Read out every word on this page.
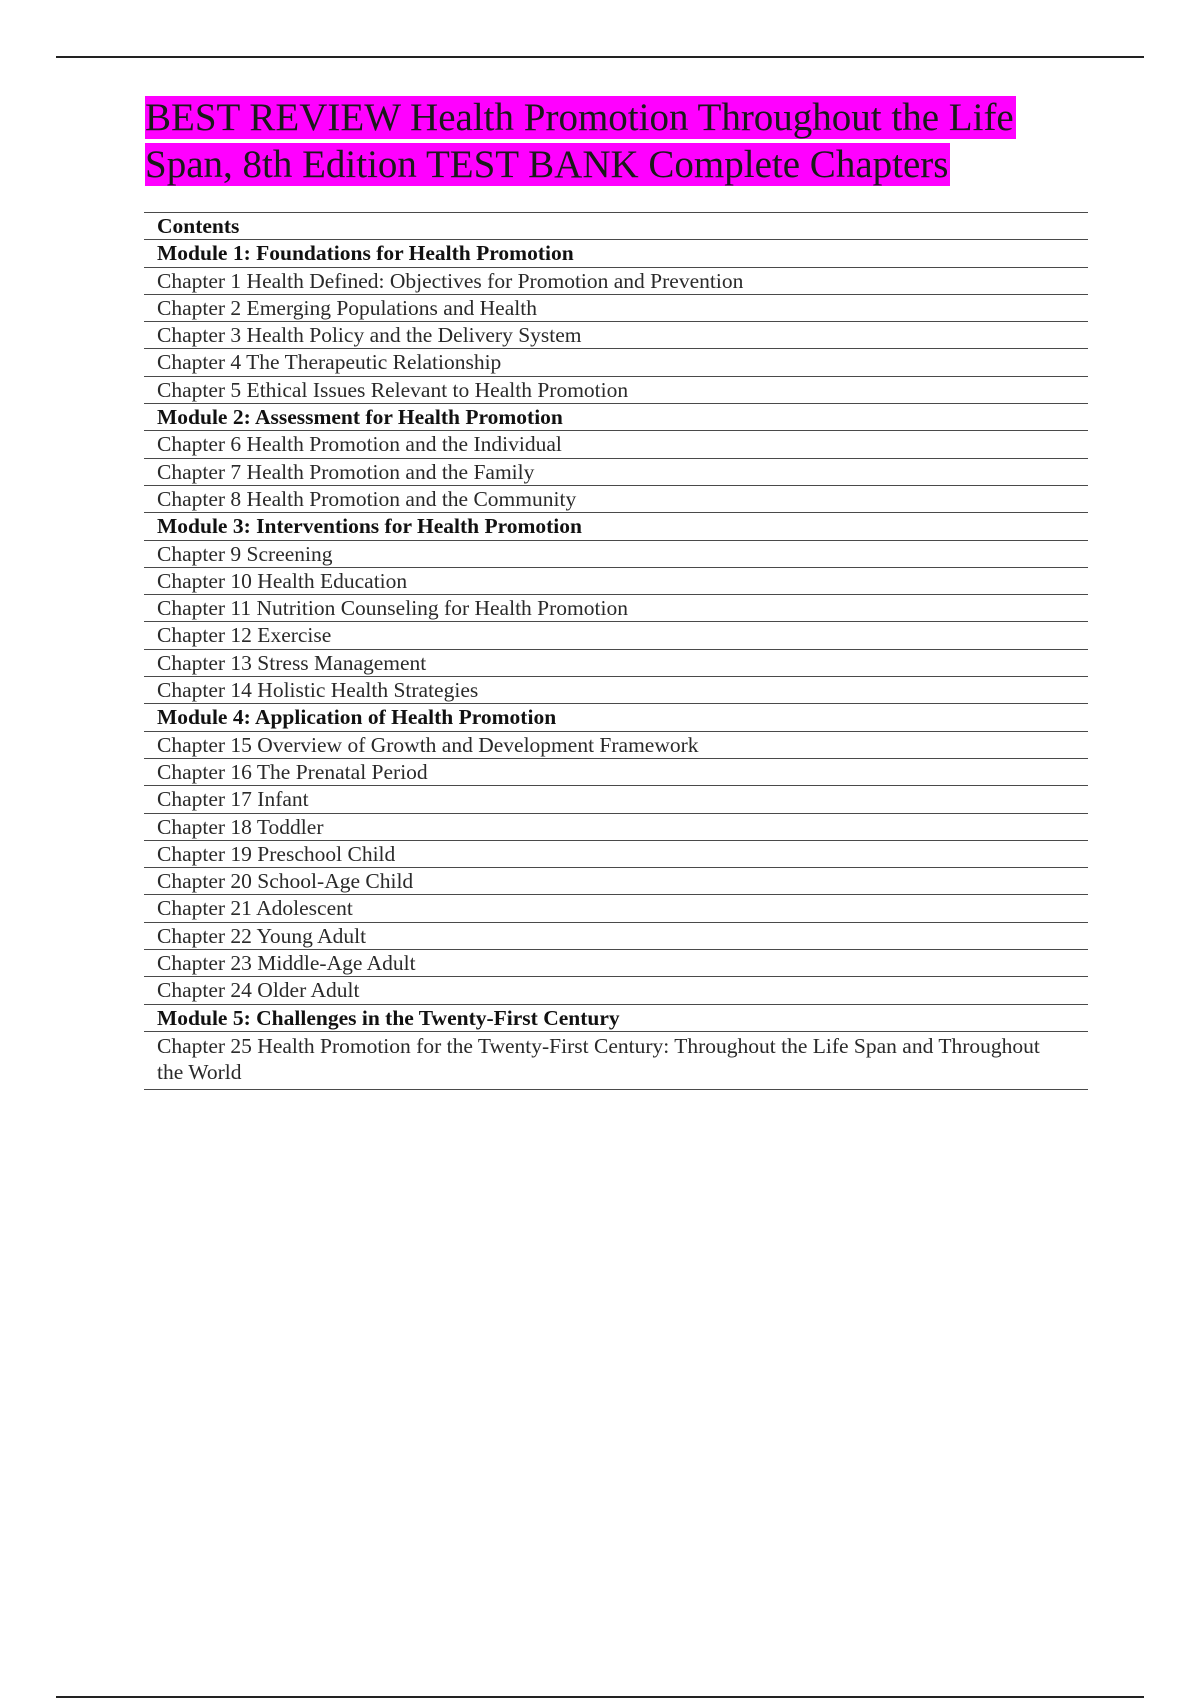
BEST REVIEW Health Promotion Throughout the Life Span, 8th Edition TEST BANK Complete Chapters
Contents
Module 1: Foundations for Health Promotion
Chapter 1 Health Defined: Objectives for Promotion and Prevention
Chapter 2 Emerging Populations and Health
Chapter 3 Health Policy and the Delivery System
Chapter 4 The Therapeutic Relationship
Chapter 5 Ethical Issues Relevant to Health Promotion
Module 2: Assessment for Health Promotion
Chapter 6 Health Promotion and the Individual
Chapter 7 Health Promotion and the Family
Chapter 8 Health Promotion and the Community
Module 3: Interventions for Health Promotion
Chapter 9 Screening
Chapter 10 Health Education
Chapter 11 Nutrition Counseling for Health Promotion
Chapter 12 Exercise
Chapter 13 Stress Management
Chapter 14 Holistic Health Strategies
Module 4: Application of Health Promotion
Chapter 15 Overview of Growth and Development Framework
Chapter 16 The Prenatal Period
Chapter 17 Infant
Chapter 18 Toddler
Chapter 19 Preschool Child
Chapter 20 School-Age Child
Chapter 21 Adolescent
Chapter 22 Young Adult
Chapter 23 Middle-Age Adult
Chapter 24 Older Adult
Module 5: Challenges in the Twenty-First Century
Chapter 25 Health Promotion for the Twenty-First Century: Throughout the Life Span and Throughout the World
